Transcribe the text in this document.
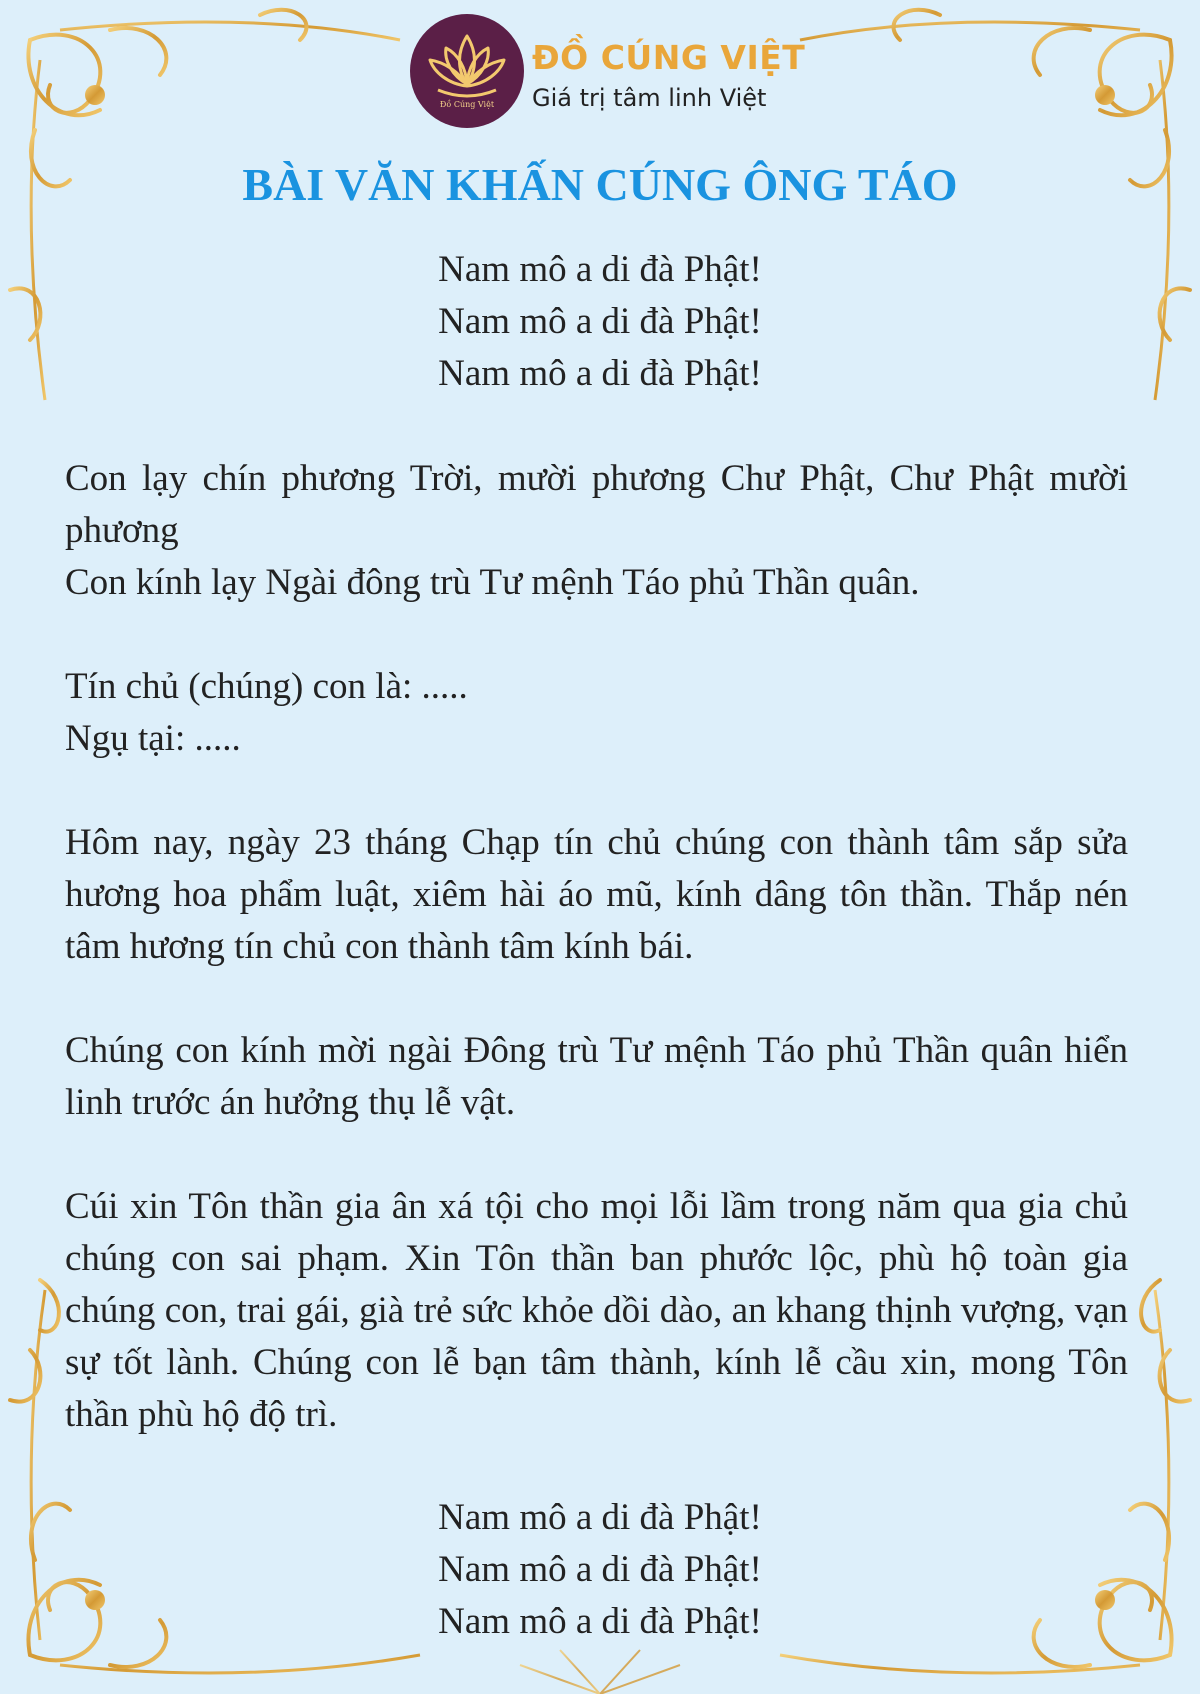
Đồ Cúng Việt
ĐỒ CÚNG VIỆT
Giá trị tâm linh Việt
BÀI VĂN KHẤN CÚNG ÔNG TÁO
Nam mô a di đà Phật!
Nam mô a di đà Phật!
Nam mô a di đà Phật!

Con lạy chín phương Trời, mười phương Chư Phật, Chư Phật mười phương

Con kính lạy Ngài đông trù Tư mệnh Táo phủ Thần quân.

Tín chủ (chúng) con là: .....

Ngụ tại: .....

Hôm nay, ngày 23 tháng Chạp tín chủ chúng con thành tâm sắp sửa hương hoa phẩm luật, xiêm hài áo mũ, kính dâng tôn thần. Thắp nén tâm hương tín chủ con thành tâm kính bái.

Chúng con kính mời ngài Đông trù Tư mệnh Táo phủ Thần quân hiển linh trước án hưởng thụ lễ vật.

Cúi xin Tôn thần gia ân xá tội cho mọi lỗi lầm trong năm qua gia chủ chúng con sai phạm. Xin Tôn thần ban phước lộc, phù hộ toàn gia chúng con, trai gái, già trẻ sức khỏe dồi dào, an khang thịnh vượng, vạn sự tốt lành. Chúng con lễ bạn tâm thành, kính lễ cầu xin, mong Tôn thần phù hộ độ trì.

Nam mô a di đà Phật!
Nam mô a di đà Phật!
Nam mô a di đà Phật!
